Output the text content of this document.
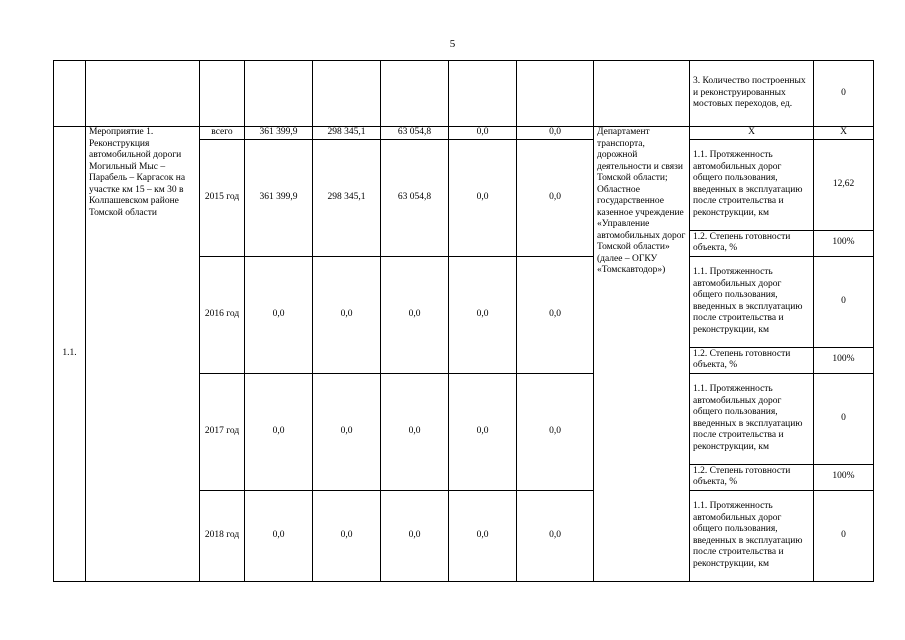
5
									3. Количество построенных и реконструированных мостовых переходов, ед.	0
1.1.	Мероприятие 1. Реконструкция автомобильной дороги Могильный Мыс – Парабель – Каргасок на участке км 15 – км 30 в Колпашевском районе Томской области	всего	361 399,9	298 345,1	63 054,8	0,0	0,0	Департамент транспорта, дорожной деятельности и связи Томской области; Областное государственное казенное учреждение «Управление автомобильных дорог Томской области» (далее – ОГКУ «Томскавтодор»)	Х	Х
		2015 год	361 399,9	298 345,1	63 054,8	0,0	0,0		1.1. Протяженность автомобильных дорог общего пользования, введенных в эксплуатацию после строительства и реконструкции, км	12,62
									1.2. Степень готовности объекта, %	100%
		2016 год	0,0	0,0	0,0	0,0	0,0		1.1. Протяженность автомобильных дорог общего пользования, введенных в эксплуатацию после строительства и реконструкции, км	0
									1.2. Степень готовности объекта, %	100%
		2017 год	0,0	0,0	0,0	0,0	0,0		1.1. Протяженность автомобильных дорог общего пользования, введенных в эксплуатацию после строительства и реконструкции, км	0
									1.2. Степень готовности объекта, %	100%
		2018 год	0,0	0,0	0,0	0,0	0,0		1.1. Протяженность автомобильных дорог общего пользования, введенных в эксплуатацию после строительства и реконструкции, км	0
